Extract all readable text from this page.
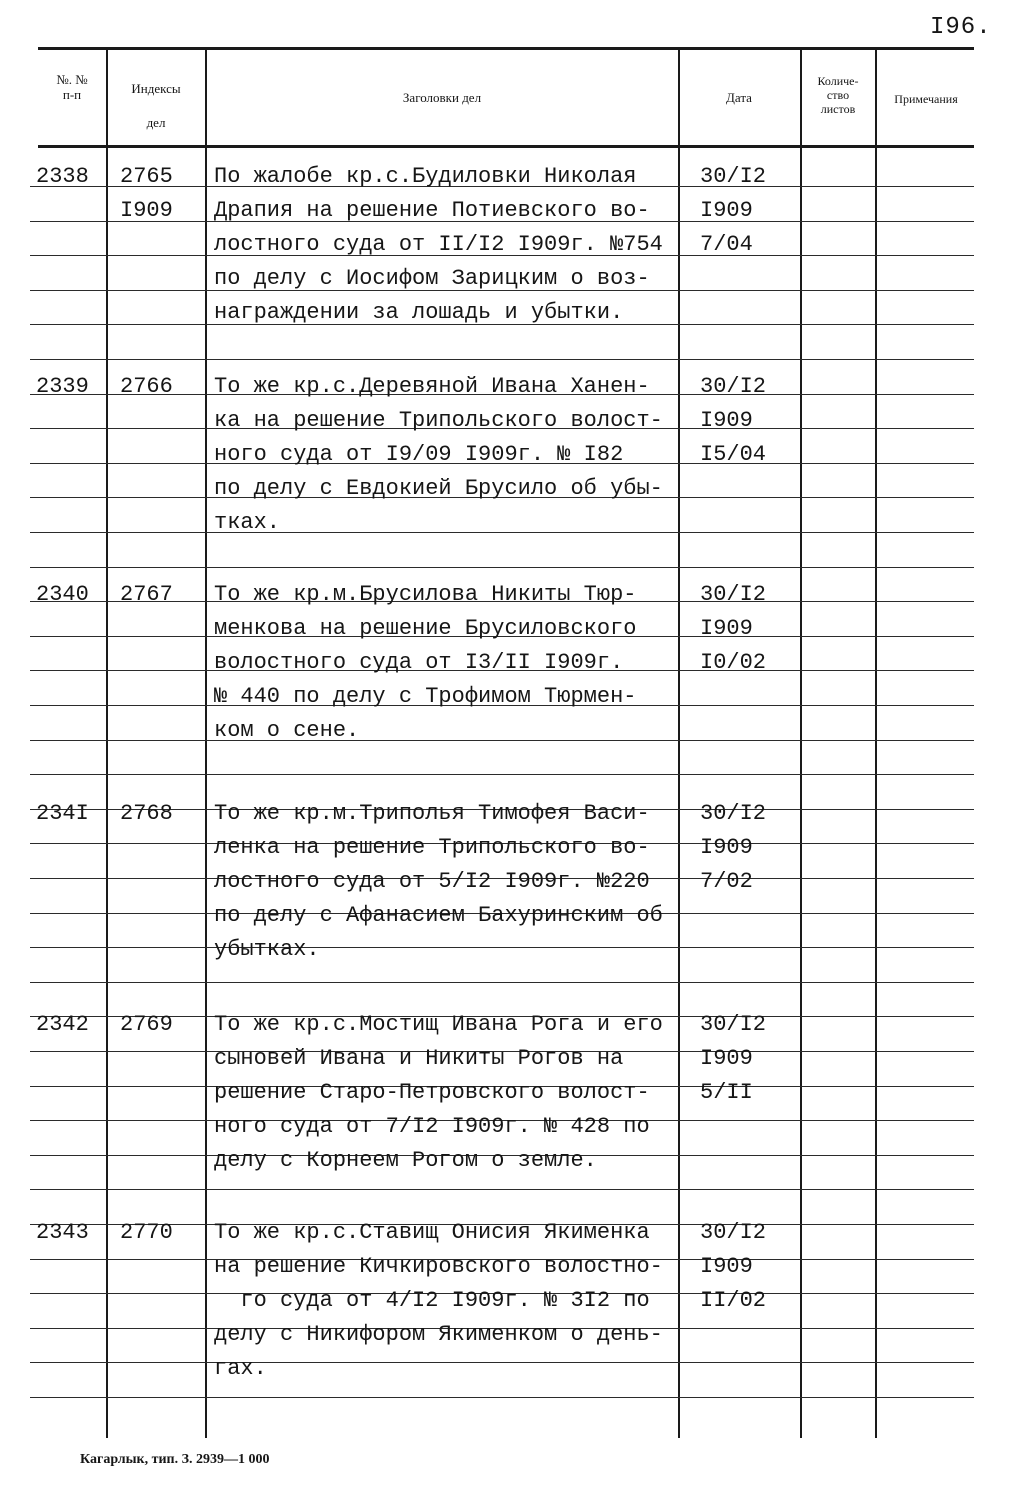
I96.
№. №
п-п	Индексы
дел
Заголовки дел	Дата
Количе-
ство
листов
Примечания
2338 2765
I909
По жалобе кр.с.Будиловки Николaя
Драпия на решение Потиевского во-
лостного суда от II/I2 I909г. №754
по делу с Иосифом Зарицким о воз-
награждении за лошадь и убытки.
30/I2
I909
7/04
2339 2766 То же кр.с.Деревяной Ивана Ханен-
ка на решение Трипольского волост-
ного суда от I9/09 I909г. № I82
по делу с Евдокией Брусило об убы-
тках.
30/I2
I909
I5/04
2340 2767 То же кр.м.Брусилова Никиты Тюр-
менкова на решение Брусиловского
волостного суда от I3/II I909г.
№ 440 по делу с Трофимом Тюрмен-
ком о сене.
30/I2
I909
I0/02
234I 2768 То же кр.м.Триполья Тимофея Васи-
ленка на решение Трипольского во-
лостного суда от 5/I2 I909г. №220
по делу с Афанасием Бахуринским об
убытках.
30/I2
I909
7/02
2342 2769 То же кр.с.Мостищ Ивана Рога и его
сыновей Ивана и Никиты Рогов на
решение Старо-Петровского волост-
ного суда от 7/I2 I909г. № 428 по
делу с Корнеем Рогом о земле.
30/I2
I909
5/II
2343 2770 То же кр.с.Ставищ Онисия Якименка
на решение Кичкировского волостно-
го суда от 4/I2 I909г. № 3I2 по
делу с Никифором Якименком о день-
гах.
30/I2
I909
II/02
Кагарлык, тип. З. 2939—1 000
